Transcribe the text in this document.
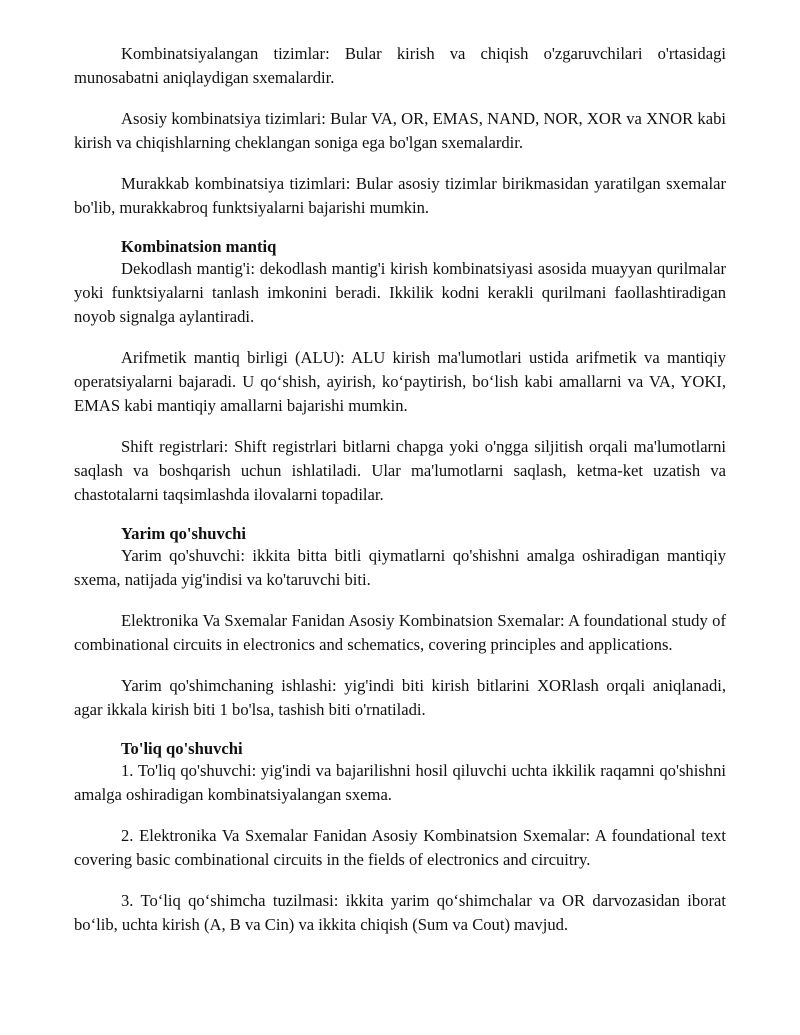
Kombinatsiyalangan tizimlar: Bular kirish va chiqish o'zgaruvchilari o'rtasidagi munosabatni aniqlaydigan sxemalardir.

Asosiy kombinatsiya tizimlari: Bular VA, OR, EMAS, NAND, NOR, XOR va XNOR kabi kirish va chiqishlarning cheklangan soniga ega bo'lgan sxemalardir.

Murakkab kombinatsiya tizimlari: Bular asosiy tizimlar birikmasidan yaratilgan sxemalar bo'lib, murakkabroq funktsiyalarni bajarishi mumkin.

Kombinatsion mantiq

Dekodlash mantig'i: dekodlash mantig'i kirish kombinatsiyasi asosida muayyan qurilmalar yoki funktsiyalarni tanlash imkonini beradi. Ikkilik kodni kerakli qurilmani faollashtiradigan noyob signalga aylantiradi.

Arifmetik mantiq birligi (ALU): ALU kirish ma'lumotlari ustida arifmetik va mantiqiy operatsiyalarni bajaradi. U qo‘shish, ayirish, ko‘paytirish, bo‘lish kabi amallarni va VA, YOKI, EMAS kabi mantiqiy amallarni bajarishi mumkin.

Shift registrlari: Shift registrlari bitlarni chapga yoki o'ngga siljitish orqali ma'lumotlarni saqlash va boshqarish uchun ishlatiladi. Ular ma'lumotlarni saqlash, ketma-ket uzatish va chastotalarni taqsimlashda ilovalarni topadilar.

Yarim qo'shuvchi

Yarim qo'shuvchi: ikkita bitta bitli qiymatlarni qo'shishni amalga oshiradigan mantiqiy sxema, natijada yig'indisi va ko'taruvchi biti.

Elektronika Va Sxemalar Fanidan Asosiy Kombinatsion Sxemalar: A foundational study of combinational circuits in electronics and schematics, covering principles and applications.

Yarim qo'shimchaning ishlashi: yig'indi biti kirish bitlarini XORlash orqali aniqlanadi, agar ikkala kirish biti 1 bo'lsa, tashish biti o'rnatiladi.

To'liq qo'shuvchi

1. To'liq qo'shuvchi: yig'indi va bajarilishni hosil qiluvchi uchta ikkilik raqamni qo'shishni amalga oshiradigan kombinatsiyalangan sxema.

2. Elektronika Va Sxemalar Fanidan Asosiy Kombinatsion Sxemalar: A foundational text covering basic combinational circuits in the fields of electronics and circuitry.

3. To‘liq qo‘shimcha tuzilmasi: ikkita yarim qo‘shimchalar va OR darvozasidan iborat bo‘lib, uchta kirish (A, B va Cin) va ikkita chiqish (Sum va Cout) mavjud.
